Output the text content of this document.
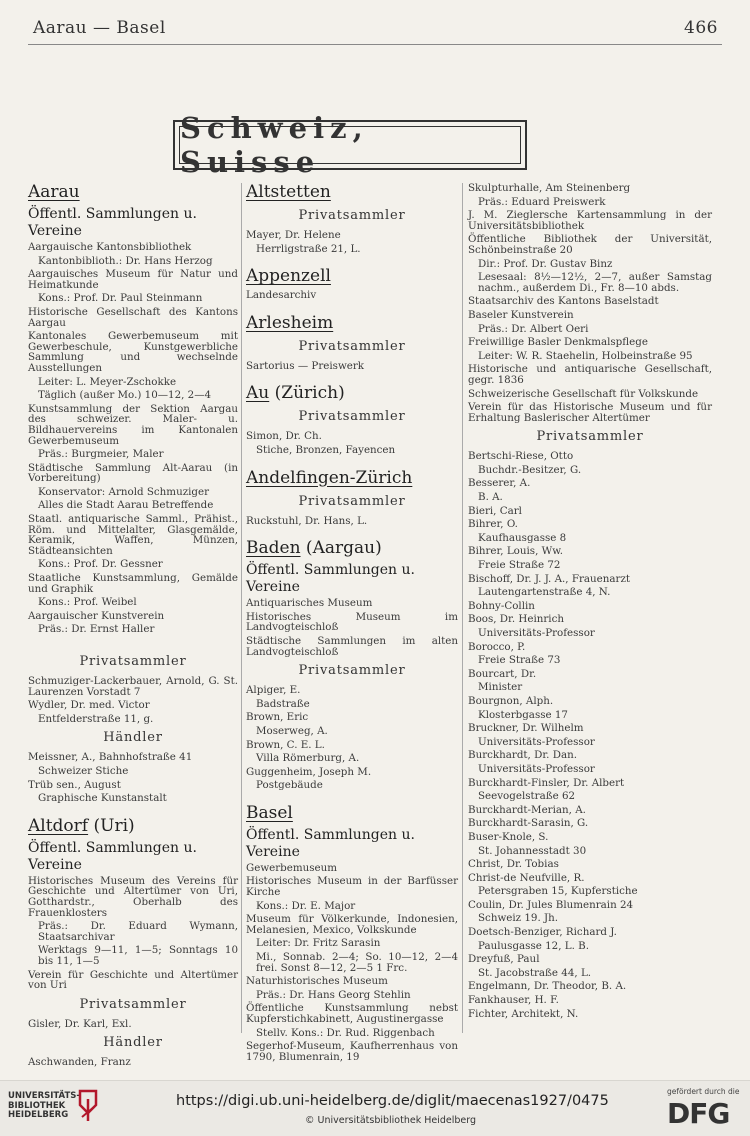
Aarau — Basel	466
Schweiz, Suisse
Aarau
Öffentl. Sammlungen u. Vereine
Aargauische Kantonsbibliothek
Kantonbiblioth.: Dr. Hans Herzog
Aargauisches Museum für Natur und Heimatkunde
Kons.: Prof. Dr. Paul Steinmann
Historische Gesellschaft des Kantons Aargau
Kantonales Gewerbemuseum mit Gewerbeschule, Kunstgewerbliche Sammlung und wechselnde Ausstellungen
Leiter: L. Meyer-Zschokke
Täglich (außer Mo.) 10—12, 2—4
Kunstsammlung der Sektion Aargau des schweizer. Maler- u. Bildhauervereins im Kantonalen Gewerbemuseum
Präs.: Burgmeier, Maler
Städtische Sammlung Alt-Aarau (in Vorbereitung)
Konservator: Arnold Schmuziger
Alles die Stadt Aarau Betreffende
Staatl. antiquarische Samml., Prähist., Röm. und Mittelalter, Glasgemälde, Keramik, Waffen, Münzen, Städteansichten
Kons.: Prof. Dr. Gessner
Staatliche Kunstsammlung, Gemälde und Graphik
Kons.: Prof. Weibel
Aargauischer Kunstverein
Präs.: Dr. Ernst Haller
Privatsammler
Schmuziger-Lackerbauer, Arnold, G. St. Laurenzen Vorstadt 7
Wydler, Dr. med. Victor
Entfelderstraße 11, g.
Händler
Meissner, A., Bahnhofstraße 41
Schweizer Stiche
Trüb sen., August
Graphische Kunstanstalt
Altdorf (Uri)
Öffentl. Sammlungen u. Vereine
Historisches Museum des Vereins für Geschichte und Altertümer von Uri, Gotthardstr., Oberhalb des Frauenklosters
Präs.: Dr. Eduard Wymann, Staatsarchivar
Werktags 9—11, 1—5; Sonntags 10 bis 11, 1—5
Verein für Geschichte und Altertümer von Uri
Privatsammler
Gisler, Dr. Karl, Exl.
Händler
Aschwanden, Franz
Altstetten
Privatsammler
Mayer, Dr. Helene
Herrligstraße 21, L.
Appenzell
Landesarchiv
Arlesheim
Privatsammler
Sartorius — Preiswerk
Au (Zürich)
Privatsammler
Simon, Dr. Ch.
Stiche, Bronzen, Fayencen
Andelfingen-Zürich
Privatsammler
Ruckstuhl, Dr. Hans, L.
Baden (Aargau)
Öffentl. Sammlungen u. Vereine
Antiquarisches Museum
Historisches Museum im Landvogteischloß
Städtische Sammlungen im alten Landvogteischloß
Privatsammler
Alpiger, E.
Badstraße
Brown, Eric
Moserweg, A.
Brown, C. E. L.
Villa Römerburg, A.
Guggenheim, Joseph M.
Postgebäude
Basel
Öffentl. Sammlungen u. Vereine
Gewerbemuseum
Historisches Museum in der Barfüsser Kirche
Kons.: Dr. E. Major
Museum für Völkerkunde, Indonesien, Melanesien, Mexico, Volkskunde
Leiter: Dr. Fritz Sarasin
Mi., Sonnab. 2—4; So. 10—12, 2—4 frei. Sonst 8—12, 2—5 1 Frc.
Naturhistorisches Museum
Präs.: Dr. Hans Georg Stehlin
Öffentliche Kunstsammlung nebst Kupferstichkabinett, Augustinergasse
Stellv. Kons.: Dr. Rud. Riggenbach
Segerhof-Museum, Kaufherrenhaus von 1790, Blumenrain, 19
Skulpturhalle, Am Steinenberg
Präs.: Eduard Preiswerk
J. M. Zieglersche Kartensammlung in der Universitätsbibliothek
Öffentliche Bibliothek der Universität, Schönbeinstraße 20
Dir.: Prof. Dr. Gustav Binz
Lesesaal: 8½—12½, 2—7, außer Samstag nachm., außerdem Di., Fr. 8—10 abds.
Staatsarchiv des Kantons Baselstadt
Baseler Kunstverein
Präs.: Dr. Albert Oeri
Freiwillige Basler Denkmalspflege
Leiter: W. R. Staehelin, Holbeinstraße 95
Historische und antiquarische Gesellschaft, gegr. 1836
Schweizerische Gesellschaft für Volkskunde
Verein für das Historische Museum und für Erhaltung Baslerischer Altertümer
Privatsammler
Bertschi-Riese, Otto
Buchdr.-Besitzer, G.
Besserer, A.
B. A.
Bieri, Carl
Bihrer, O.
Kaufhausgasse 8
Bihrer, Louis, Ww.
Freie Straße 72
Bischoff, Dr. J. J. A., Frauenarzt
Lautengartenstraße 4, N.
Bohny-Collin
Boos, Dr. Heinrich
Universitäts-Professor
Borocco, P.
Freie Straße 73
Bourcart, Dr.
Minister
Bourgnon, Alph.
Klosterbgasse 17
Bruckner, Dr. Wilhelm
Universitäts-Professor
Burckhardt, Dr. Dan.
Universitäts-Professor
Burckhardt-Finsler, Dr. Albert
Seevogelstraße 62
Burckhardt-Merian, A.
Burckhardt-Sarasin, G.
Buser-Knole, S.
St. Johannesstadt 30
Christ, Dr. Tobias
Christ-de Neufville, R.
Petersgraben 15, Kupferstiche
Coulin, Dr. Jules Blumenrain 24
Schweiz 19. Jh.
Doetsch-Benziger, Richard J.
Paulusgasse 12, L. B.
Dreyfuß, Paul
St. Jacobstraße 44, L.
Engelmann, Dr. Theodor, B. A.
Fankhauser, H. F.
Fichter, Architekt, N.
UNIVERSITÄTS-
BIBLIOTHEK
HEIDELBERG
https://digi.ub.uni-heidelberg.de/diglit/maecenas1927/0475
© Universitätsbibliothek Heidelberg
gefördert durch die
DFG
